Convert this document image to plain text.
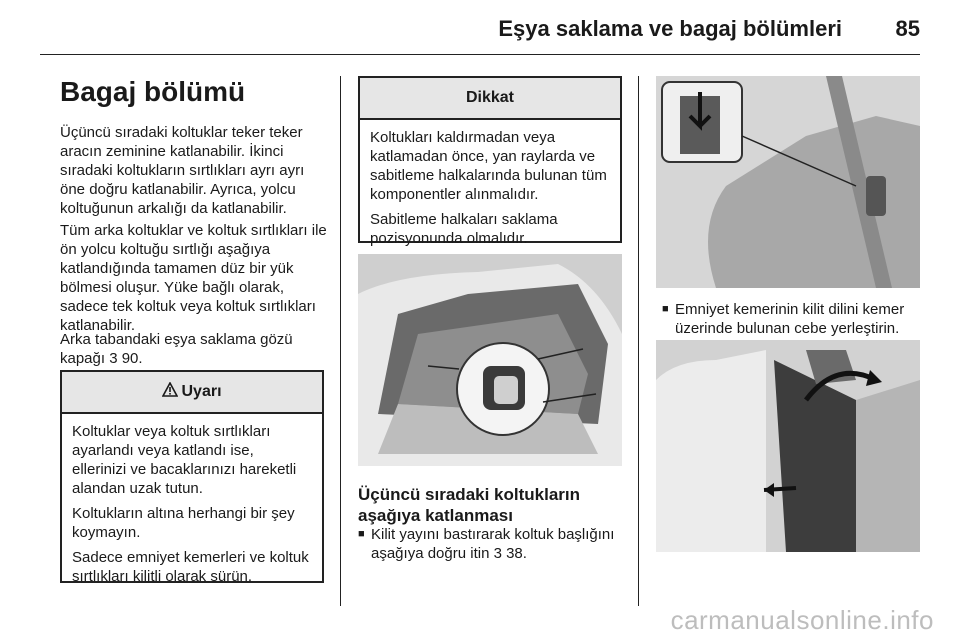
Eşya saklama ve bagaj bölümleri 85
Bagaj bölümü

Üçüncü sıradaki koltuklar teker teker aracın zeminine katlanabilir. İkinci sıradaki koltukların sırtlıkları ayrı ayrı öne doğru katlanabilir. Ayrıca, yolcu koltuğunun arkalığı da katlanabilir.

Tüm arka koltuklar ve koltuk sırtlıkları ile ön yolcu koltuğu sırtlığı aşağıya katlandığında tamamen düz bir yük bölmesi oluşur. Yüke bağlı olarak, sadece tek koltuk veya koltuk sırtlıkları katlanabilir.

Arka tabandaki eşya saklama gözü kapağı 3 90.

Uyarı

Koltuklar veya koltuk sırtlıkları ayarlandı veya katlandı ise, ellerinizi ve bacaklarınızı hareketli alandan uzak tutun.

Koltukların altına herhangi bir şey koymayın.

Sadece emniyet kemerleri ve koltuk sırtlıkları kilitli olarak sürün.

Dikkat

Koltukları kaldırmadan veya katlamadan önce, yan raylarda ve sabitleme halkalarında bulunan tüm komponentler alınmalıdır.

Sabitleme halkaları saklama pozisyonunda olmalıdır.

Üçüncü sıradaki koltukların aşağıya katlanması
■ Kilit yayını bastırarak koltuk başlığını aşağıya doğru itin 3 38.
■ Emniyet kemerinin kilit dilini kemer üzerinde bulunan cebe yerleştirin.
carmanualsonline.info
